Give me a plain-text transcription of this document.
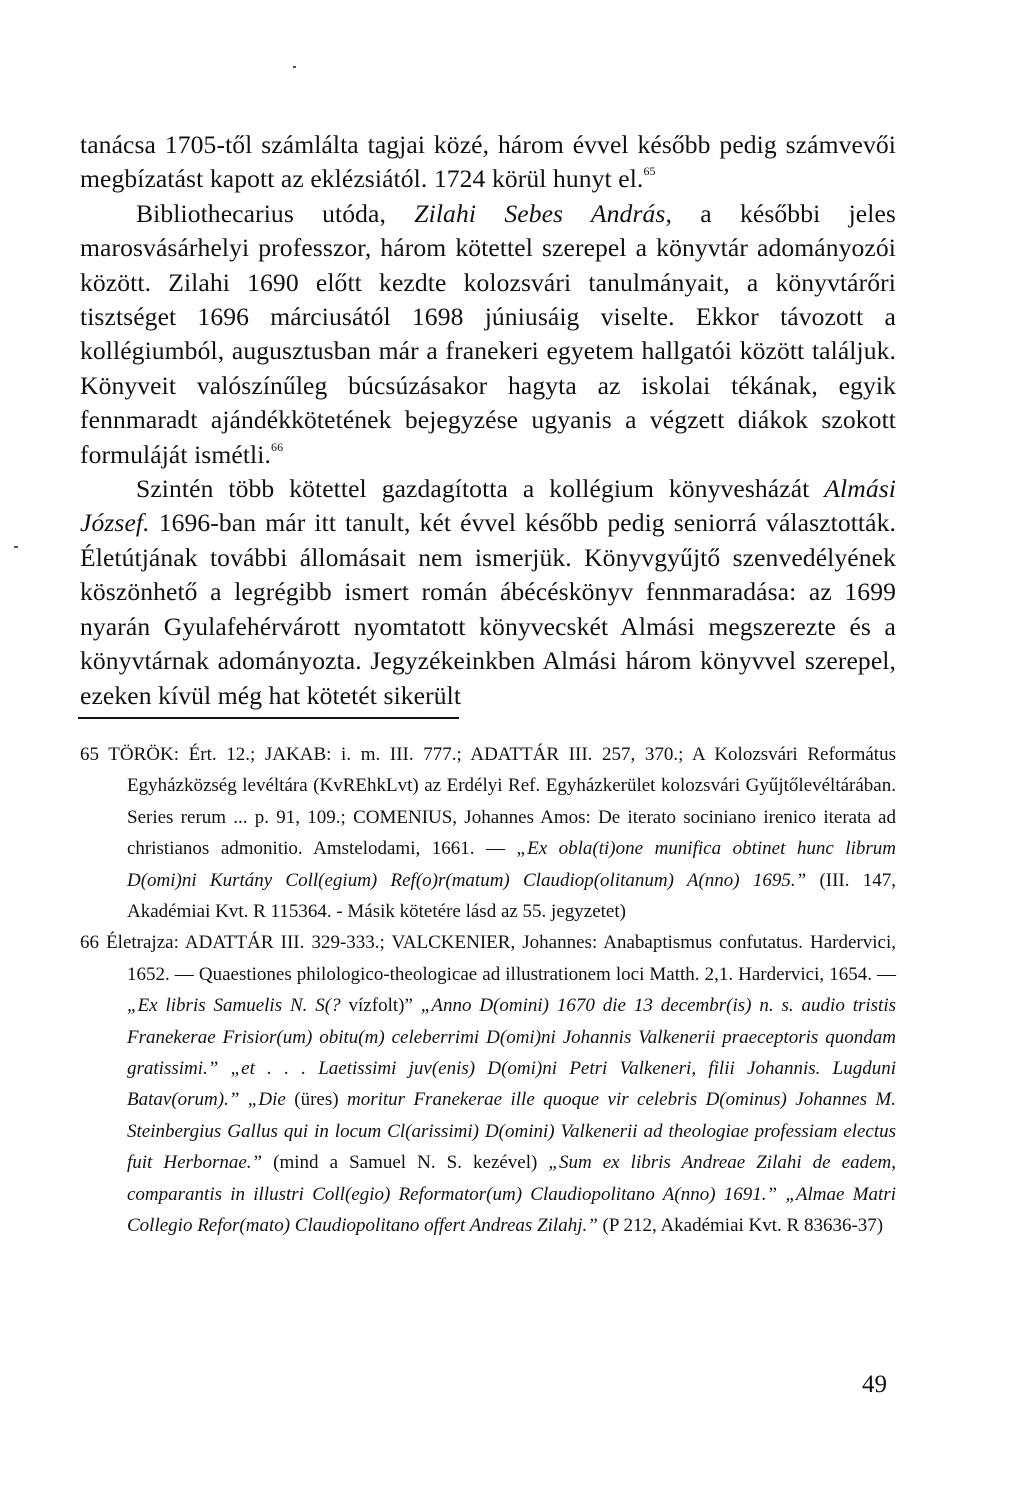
tanácsa 1705-től számlálta tagjai közé, három évvel később pedig számvevői megbízatást kapott az eklézsiától. 1724 körül hunyt el.$^{65}$

Bibliothecarius utóda, Zilahi Sebes András, a későbbi jeles marosvásárhelyi professzor, három kötettel szerepel a könyvtár adományozói között. Zilahi 1690 előtt kezdte kolozsvári tanulmányait, a könyvtárőri tisztséget 1696 márciusától 1698 júniusáig viselte. Ekkor távozott a kollégiumból, augusztusban már a franekeri egyetem hallgatói között találjuk. Könyveit valószínűleg búcsúzásakor hagyta az iskolai tékának, egyik fennmaradt ajándékkötetének bejegyzése ugyanis a végzett diákok szokott formuláját ismétli.$^{66}$

Szintén több kötettel gazdagította a kollégium könyvesházát Almási József. 1696-ban már itt tanult, két évvel később pedig seniorrá választották. Életútjának további állomásait nem ismerjük. Könyvgyűjtő szenvedélyének köszönhető a legrégibb ismert román ábécéskönyv fennmaradása: az 1699 nyarán Gyulafehérvárott nyomtatott könyvecskét Almási megszerezte és a könyvtárnak adományozta. Jegyzékeinkben Almási három könyvvel szerepel, ezeken kívül még hat kötetét sikerült

65 TÖRÖK: Ért. 12.; JAKAB: i. m. III. 777.; ADATTÁR III. 257, 370.; A Kolozsvári Református Egyházközség levéltára (KvREhkLvt) az Erdélyi Ref. Egyházkerület kolozsvári Gyűjtőlevéltárában. Series rerum ... p. 91, 109.; COMENIUS, Johannes Amos: De iterato sociniano irenico iterata ad christianos admonitio. Amstelodami, 1661. — „Ex obla(ti)one munifica obtinet hunc librum D(omi)ni Kurtány Coll(egium) Ref(o)r(matum) Claudiop(olitanum) A(nno) 1695.” (III. 147, Akadémiai Kvt. R 115364. - Másik kötetére lásd az 55. jegyzetet)

66 Életrajza: ADATTÁR III. 329-333.; VALCKENIER, Johannes: Anabaptismus confutatus. Hardervici, 1652. — Quaestiones philologico-theologicae ad illustrationem loci Matth. 2,1. Hardervici, 1654. — „Ex libris Samuelis N. S(? vízfolt)” „Anno D(omini) 1670 die 13 decembr(is) n. s. audio tristis Franekerae Frisior(um) obitu(m) celeberrimi D(omi)ni Johannis Valkenerii praeceptoris quondam gratissimi.” „et . . . Laetissimi juv(enis) D(omi)ni Petri Valkeneri, filii Johannis. Lugduni Batav(orum).” „Die (üres) moritur Franekerae ille quoque vir celebris D(ominus) Johannes M. Steinbergius Gallus qui in locum Cl(arissimi) D(omini) Valkenerii ad theologiae professiam electus fuit Herbornae.” (mind a Samuel N. S. kezével) „Sum ex libris Andreae Zilahi de eadem, comparantis in illustri Coll(egio) Reformator(um) Claudiopolitano A(nno) 1691.” „Almae Matri Collegio Refor(mato) Claudiopolitano offert Andreas Zilahj.” (P 212, Akadémiai Kvt. R 83636-37)

49
